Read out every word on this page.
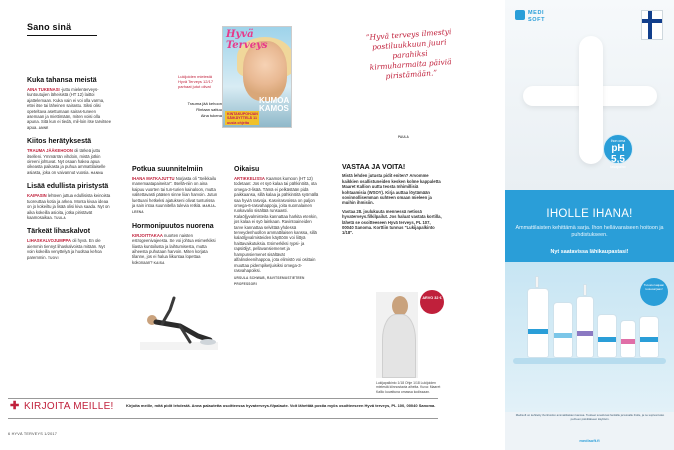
Sano sinä
Hyvä Terveys
KUMOA KAMOS
KINTAKUPOHJAN SÄIKÄYTTELÄ 11 uusia ohjeita
Lukijoiden mielestä Hyvä Terveys 12/17 parhaat jutut olivat
Trauma jää kehoon
Rintaan sattuu
Aina tukena
”Hyvä terveys ilmestyi postiluukkuun juuri parahiksi kirmuharmaita päiviä piristämään.”
PAULA
Kuka tahansa meistä

AINA TUKENASI -juttu mielenterveys-kuntoutujien läheisistä (HT 12) laittoi ajattelemaan. Kuka vain ei voi olla varma, ettei itse tai läheinen sairastu. Siksi olisi opeteltava asettumaan sairas-tuneen asemaan ja miettimään, miten voisi olla apuna. Sitä kun ei tiedä, mil-loin itse tarvitsee apua. ANNE

Kiitos herätyksestä

TRAUMA JÄÄKEHOON oli tärkeä juttu itselleni. Ymmärrän vihdoin, mistä jotkin oireeni johtuvat. Nyt osaan hakea apua oikeasta paikasta ja puhua ammattilaiselle asiasta, joka on vaivannut vuosia. HANNA

Lisää edullista piristystä

KAIPASIN lehteen juttua edullisista keinoista tuoreuttaa kotia ja arkea. Monta kivaa ideaa on jo kokeiltu ja lisää olisi kiva saada. Nyt on aika kokeilla asioita, jotka piristävät kaamosaikaa. TUULA

Tärkeät lihaskalvot

LIHASKALVOJUMPPA oli hyvä. En ole aiemmin tiennyt lihaskalvoista mitään. Nyt voin kokeilla venyttelyä ja huoltaa kehoa paremmin. TUOVI

Potkua suunnitelmiin

IHANA MATKAJUTTU Norjasta oli "Seikkailu manemaatapaineita!". Itsellä-niin on aina kaipuu vuorten tai tun-turien kainaloon, mutta valitettavasti pääsen sinne liian harvoin. Jutun luettuani hetkeksi ajatukseni olivat tunturissa ja sain intoa suunnitella tulevia retkiä. MARJA-LEENA

Hormonipuutos nuorena

KIRJOITTAKAA nuorten naisten estrogeenivajeesta. Se voi johtua esimerkiksi liiasta kuntoilusta ja laihtumisesta, mutta aiheesta puhutaan harvoin. Miten korjata tilanne, jos ei halua liikuntaa lopettaa kokonaan? KAISA

Oikaisu

ARTIKKELISSA Kaamos kumoon (HT 12) todetaan: Jos et syö kalaa tai pähkinöitä, ota omega-3-lisää. Tämä ei pelkästään pidä paikkaansa, sillä kalaa ja pähkinöitä syömällä saa hyviä rasvoja. Kasvirasvoissa on paljon omega-6-rasvahappoja, joita suomalainen ruokavalio sisältää runsaasti. Kalaöljyvalmisteita kannattaa harkita etenkin, jos kalaa ei syö lainkaan. Ravintoaineiden tarve kannattaa selvittää yhdessä terveydenhuollon ammattilaisen kanssa, sillä kalaöljyvalmisteiden käyttöön voi liittyä haittavaikutuksia. Esimerkiksi rypsi- ja rapsiöljyt, pellavansiemenet ja hampunsiemenet sisältävät alfalinoleenihappoa, jota elimistö voi osittain muuttaa pidempiketjuisiksi omega-3-rasvahapoiksi.

URSULA SCHWAB, RAVITSEMUSTIETEEN PROFESSORI

VASTAA JA VOITA!

Mistä lehden jutusta pidit eniten? Arvomme kaikkien osallistuneiden kesken kolme kappaletta Maaret Kallion uutta teosta Inhimillisiä kohtaamisia (WSOY). Kirja auttaa löytämään sovinnollisemman suhteen omaan mieleen ja muihin ihmisiin.

Vastaa 28. joulukuuta mennessä netissä hyvaterveys.fi/kilpailut. Jos haluat vastata kortilla, lähetä se osoitteeseen Hyvä terveys, PL 107, 00040 Sanoma. Korttiin tunnus "Lukijapalkinto 1/18".

ARVO 32 €
Lukijapalkinto 1/18 Ohje 1/18 Lukijoiden mielestä kiinnostavia aiheita. Kuva: Maaret Kallio kuvattuna omassa kodissaan.
✚ KIRJOITA MEILLE!	Kirjoita meille, mitä pidit lehdestä. Anna palautetta osoitteessa hyvaterveys.fi/palaute. Voit lähettää postia myös osoitteeseen Hyvä terveys, PL 100, 00040 Sanoma.
6 HYVÄ TERVEYS 1/2017
MEDI
SOFT
ihon oma
pH 5,5
tasapaino
IHOLLE IHANA!
Ammattilaisten kehittämä sarja. Ihon hellävaraiseen hoitoon ja puhdistukseen.
Nyt saatavissa lähikaupastasi!
Tutustu laajaan tuotesarjaan!
Medisoft on kehitetty ihonhoidon ammattilaisten kanssa. Tuotteet soveltuvat herkälle ja kuivalle iholle, ja ne sopivat koko perheen päivittäiseen käyttöön.
medisoft.fi
